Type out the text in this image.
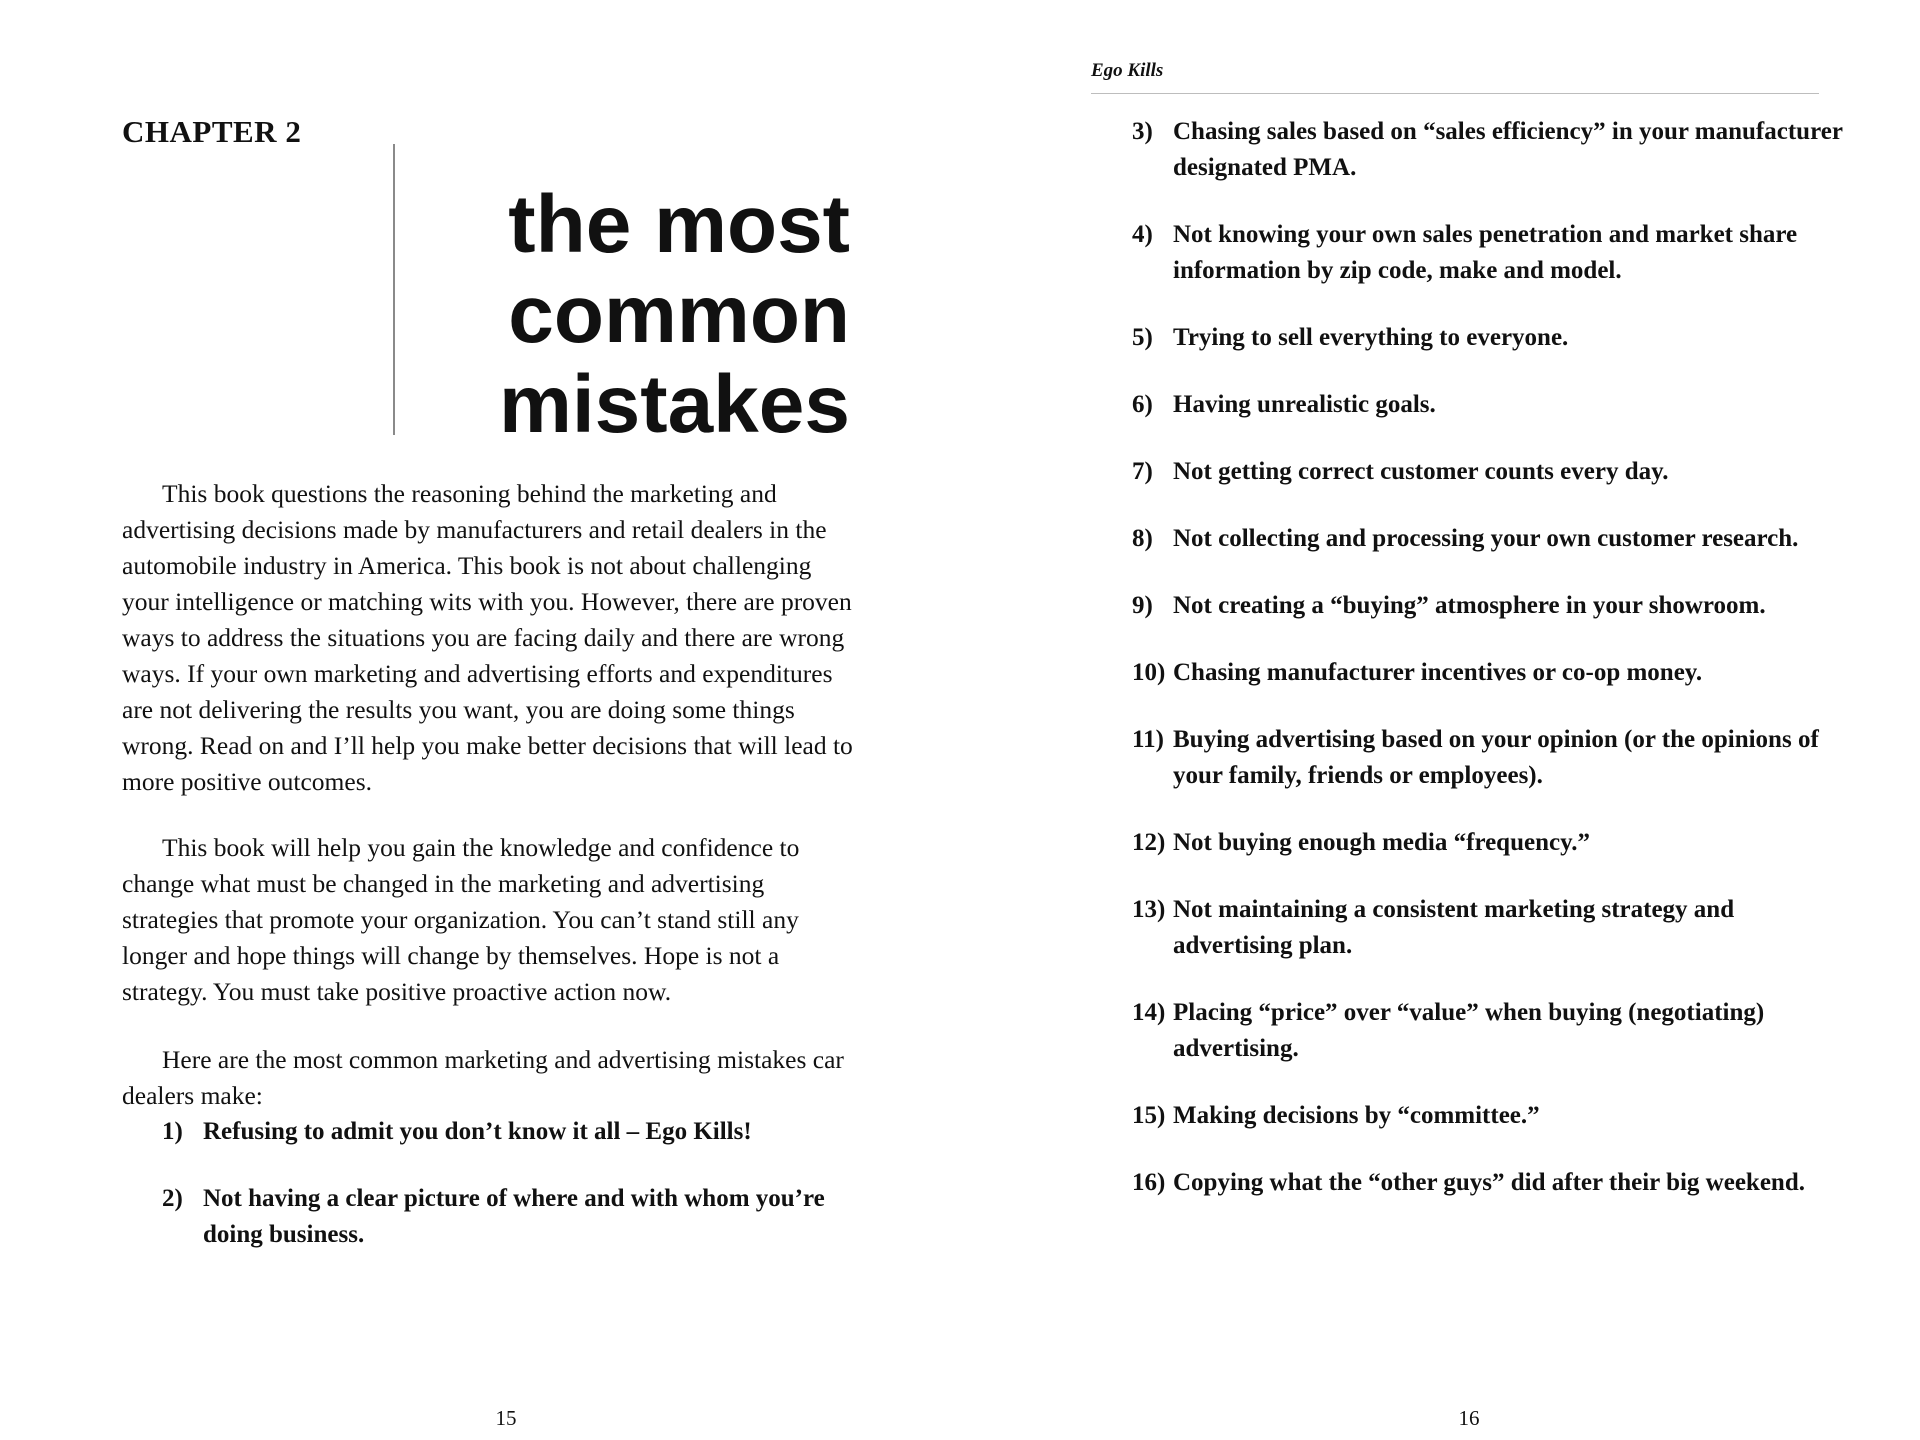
CHAPTER 2
the most
common
mistakes

This book questions the reasoning behind the marketing and advertising decisions made by manufacturers and retail dealers in the automobile industry in America. This book is not about challenging your intelligence or matching wits with you. However, there are proven ways to address the situations you are facing daily and there are wrong ways. If your own marketing and advertising efforts and expenditures are not delivering the results you want, you are doing some things wrong. Read on and I’ll help you make better decisions that will lead to more positive outcomes.

This book will help you gain the knowledge and confidence to change what must be changed in the marketing and advertising strategies that promote your organization. You can’t stand still any longer and hope things will change by themselves. Hope is not a strategy. You must take positive proactive action now.

Here are the most common marketing and advertising mistakes car dealers make:

1) Refusing to admit you don’t know it all – Ego Kills!
2) Not having a clear picture of where and with whom you’re doing business.

15

Ego Kills
3) Chasing sales based on “sales efficiency” in your manufacturer designated PMA.
4) Not knowing your own sales penetration and market share information by zip code, make and model.
5) Trying to sell everything to everyone.
6) Having unrealistic goals.
7) Not getting correct customer counts every day.
8) Not collecting and processing your own customer research.
9) Not creating a “buying” atmosphere in your showroom.
10) Chasing manufacturer incentives or co-op money.
11) Buying advertising based on your opinion (or the opinions of your family, friends or employees).
12) Not buying enough media “frequency.”
13) Not maintaining a consistent marketing strategy and advertising plan.
14) Placing “price” over “value” when buying (negotiating) advertising.
15) Making decisions by “committee.”
16) Copying what the “other guys” did after their big weekend.

16
